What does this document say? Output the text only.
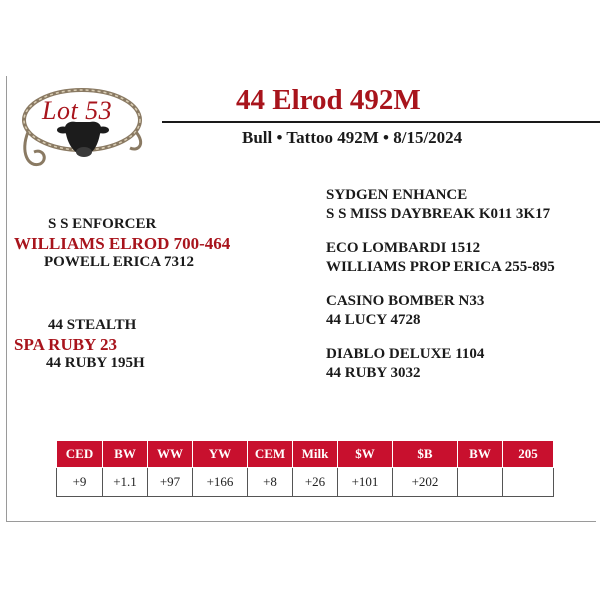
Lot 53	44 Elrod 492M
Bull • Tattoo 492M • 8/15/2024
S S ENFORCER
WILLIAMS ELROD 700-464
POWELL ERICA 7312
44 STEALTH
SPA RUBY 23
44 RUBY 195H
SYDGEN ENHANCE
S S MISS DAYBREAK K011 3K17
ECO LOMBARDI 1512
WILLIAMS PROP ERICA 255-895
CASINO BOMBER N33
44 LUCY 4728
DIABLO DELUXE 1104
44 RUBY 3032
CED	BW	WW	YW	CEM	Milk	$W	$B	BW	205
+9	+1.1	+97	+166	+8	+26	+101	+202		
